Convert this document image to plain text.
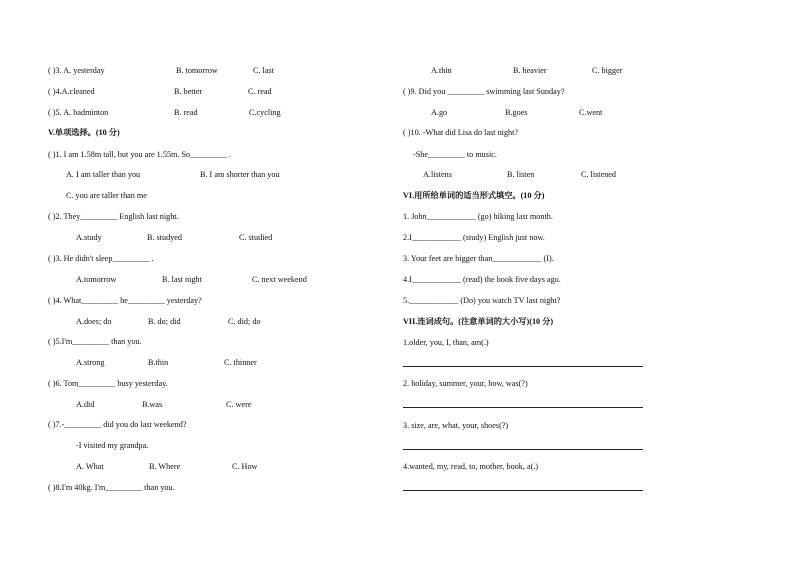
( )3. A. yesterday	B. tomorrow	C. last
( )4.A.cleaned	B. better	C. read
( )5. A. badminton	B. read	C.cycling
V.单项选择。(10 分)
( )1. I am 1.58m tall, but you are 1.55m. So_________ .
A. I am taller than you	B. I am shorter than you
C. you are taller than me
( )2. They_________ English last night.
A.study	B. studyed	C. studied
( )3. He didn't sleep_________ .
A.tomorrow	B. last night	C. next weekend
( )4. What_________ he_________ yesterday?
A.does; do	B. do; did	C. did; do
( )5.I'm_________ than you.
A.strong	B.thin	C. thinner
( )6. Tom_________ busy yesterday.
A.did	B.was	C. were
( )7.-_________ did you do last weekend?
-I visited my grandpa.
A. What	B. Where	C. How
( )8.I'm 40kg. I'm_________ than you.
A.thin	B. heavier	C. bigger
( )9. Did you _________ swimming last Sunday?
A.go	B.goes	C.went
( )10. -What did Lisa do last night?
-She_________ to music.
A.listens	B. listen	C. listened
VI.用所给单词的适当形式填空。(10 分)
1. John____________ (go) hiking last month.
2.I____________ (study) English just now.
3. Your feet are bigger than____________ (I).
4.I____________ (read) the book five days ago.
5.____________ (Do) you watch TV last night?
VII.连词成句。(注意单词的大小写)(10 分)
1.older, you, I, than, am(.)
2. holiday, summer, your, how, was(?)
3. size, are, what, your, shoes(?)
4.wanted, my, read, to, mother, book, a(.)
